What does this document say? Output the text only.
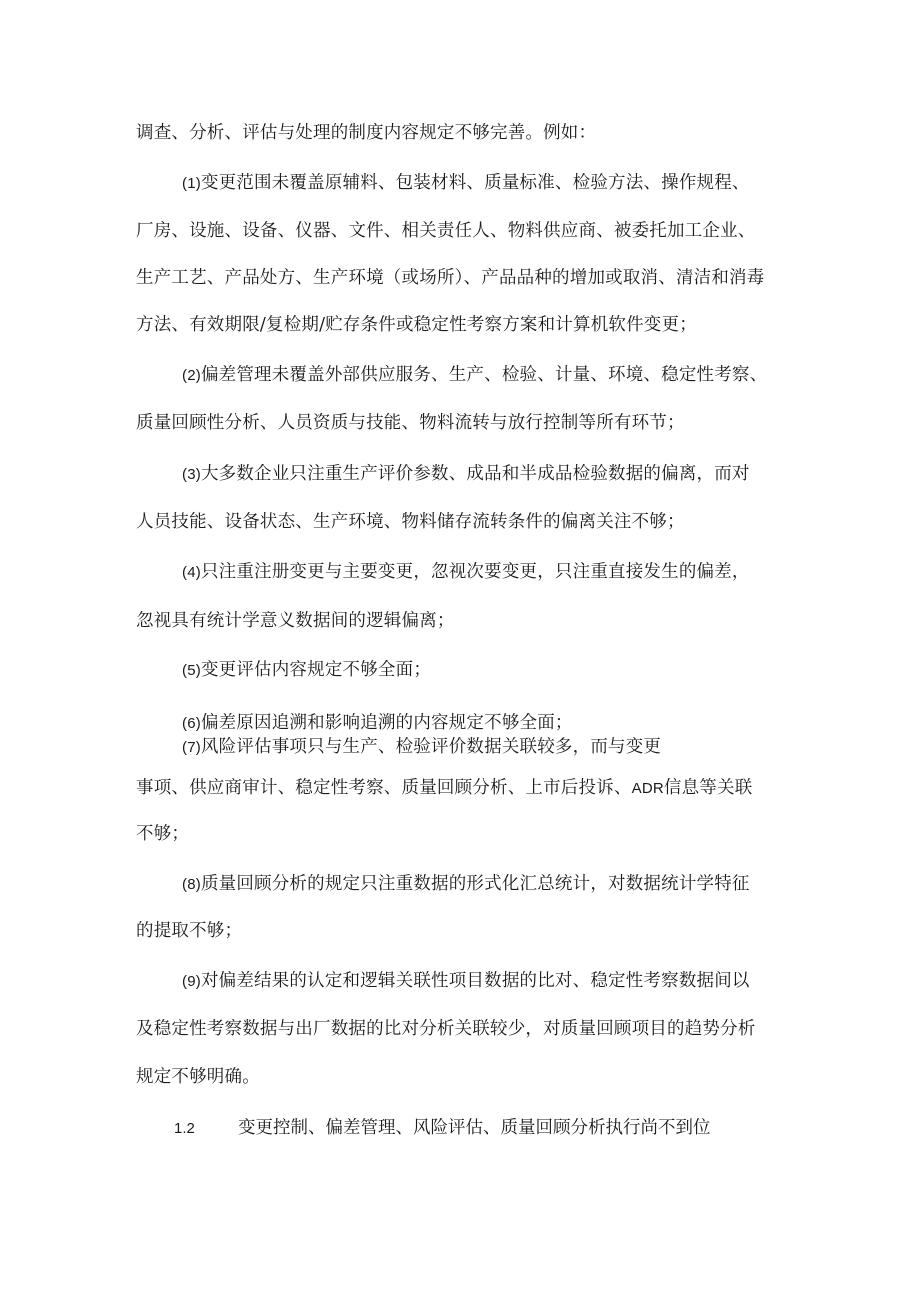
调查、分析、评估与处理的制度内容规定不够完善。例如：
(1)变更范围未覆盖原辅料、包装材料、质量标准、检验方法、操作规程、
厂房、设施、设备、仪器、文件、相关责任人、物料供应商、被委托加工企业、
生产工艺、产品处方、生产环境（或场所）、产品品种的增加或取消、清洁和消毒
方法、有效期限/复检期/贮存条件或稳定性考察方案和计算机软件变更；
(2)偏差管理未覆盖外部供应服务、生产、检验、计量、环境、稳定性考察、
质量回顾性分析、人员资质与技能、物料流转与放行控制等所有环节；
(3)大多数企业只注重生产评价参数、成品和半成品检验数据的偏离，而对
人员技能、设备状态、生产环境、物料储存流转条件的偏离关注不够；
(4)只注重注册变更与主要变更，忽视次要变更，只注重直接发生的偏差，
忽视具有统计学意义数据间的逻辑偏离；
(5)变更评估内容规定不够全面；
(6)偏差原因追溯和影响追溯的内容规定不够全面；
(7)风险评估事项只与生产、检验评价数据关联较多，而与变更
事项、供应商审计、稳定性考察、质量回顾分析、上市后投诉、ADR信息等关联
不够；
(8)质量回顾分析的规定只注重数据的形式化汇总统计，对数据统计学特征
的提取不够；
(9)对偏差结果的认定和逻辑关联性项目数据的比对、稳定性考察数据间以
及稳定性考察数据与出厂数据的比对分析关联较少，对质量回顾项目的趋势分析
规定不够明确。
1.2 变更控制、偏差管理、风险评估、质量回顾分析执行尚不到位
